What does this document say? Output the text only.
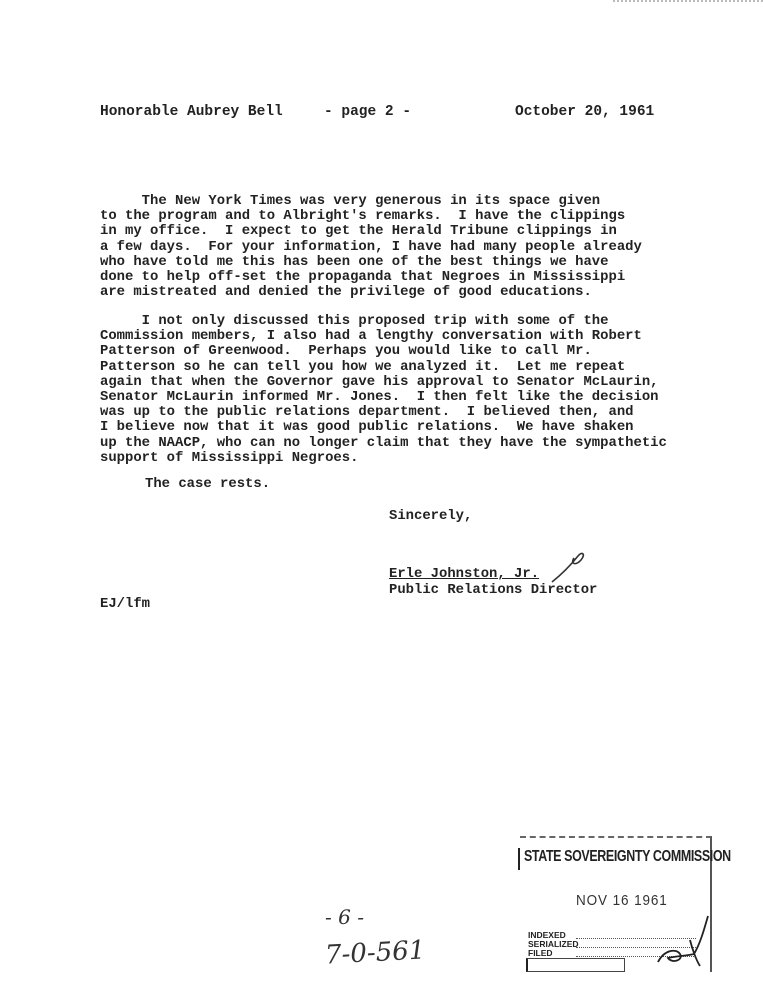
Honorable Aubrey Bell	- page 2 -	October 20, 1961
The New York Times was very generous in its space given
to the program and to Albright's remarks.  I have the clippings
in my office.  I expect to get the Herald Tribune clippings in
a few days.  For your information, I have had many people already
who have told me this has been one of the best things we have
done to help off-set the propaganda that Negroes in Mississippi
are mistreated and denied the privilege of good educations.
I not only discussed this proposed trip with some of the
Commission members, I also had a lengthy conversation with Robert
Patterson of Greenwood.  Perhaps you would like to call Mr.
Patterson so he can tell you how we analyzed it.  Let me repeat
again that when the Governor gave his approval to Senator McLaurin,
Senator McLaurin informed Mr. Jones.  I then felt like the decision
was up to the public relations department.  I believed then, and
I believe now that it was good public relations.  We have shaken
up the NAACP, who can no longer claim that they have the sympathetic
support of Mississippi Negroes.
The case rests.
Sincerely,
Erle Johnston, Jr.
Public Relations Director
EJ/lfm
- 6 -
7-0-561
STATE SOVEREIGNTY COMMISSION
NOV 16 1961
INDEXED
SERIALIZED
FILED
